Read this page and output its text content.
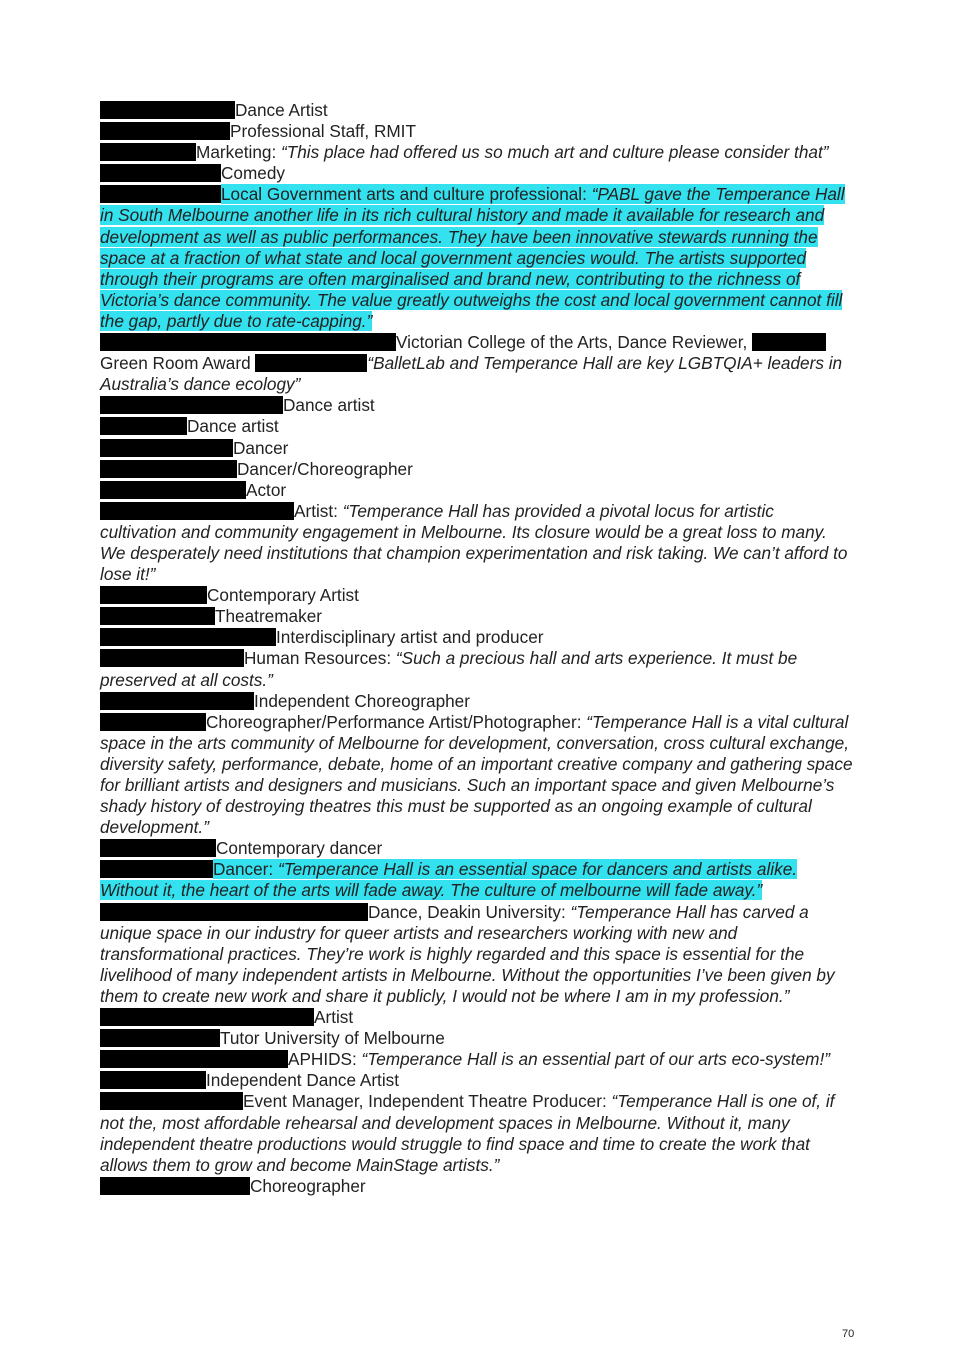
Dance Artist
Professional Staff, RMIT
Marketing: “This place had offered us so much art and culture please consider that”
Comedy
Local Government arts and culture professional: “PABL gave the Temperance Hall in South Melbourne another life in its rich cultural history and made it available for research and development as well as public performances. They have been innovative stewards running the space at a fraction of what state and local government agencies would. The artists supported through their programs are often marginalised and brand new, contributing to the richness of Victoria’s dance community. The value greatly outweighs the cost and local government cannot fill the gap, partly due to rate-capping.”
Victorian College of the Arts, Dance Reviewer,  Green Room Award	“BalletLab and Temperance Hall are key LGBTQIA+ leaders in Australia’s dance ecology”
Dance artist
Dance artist
Dancer
Dancer/Choreographer
Actor
Artist: “Temperance Hall has provided a pivotal locus for artistic cultivation and community engagement in Melbourne. Its closure would be a great loss to many. We desperately need institutions that champion experimentation and risk taking. We can’t afford to lose it!”
Contemporary Artist
Theatremaker
Interdisciplinary artist and producer
Human Resources: “Such a precious hall and arts experience. It must be preserved at all costs.”
Independent Choreographer
Choreographer/Performance Artist/Photographer: “Temperance Hall is a vital cultural space in the arts community of Melbourne for development, conversation, cross cultural exchange, diversity safety, performance, debate, home of an important creative company and gathering space for brilliant artists and designers and musicians. Such an important space and given Melbourne’s shady history of destroying theatres this must be supported as an ongoing example of cultural development.”
Contemporary dancer
Dancer: “Temperance Hall is an essential space for dancers and artists alike. Without it, the heart of the arts will fade away. The culture of melbourne will fade away.”
Dance, Deakin University: “Temperance Hall has carved a unique space in our industry for queer artists and researchers working with new and transformational practices. They’re work is highly regarded and this space is essential for the livelihood of many independent artists in Melbourne. Without the opportunities I’ve been given by them to create new work and share it publicly, I would not be where I am in my profession.”
Artist
Tutor University of Melbourne
APHIDS: “Temperance Hall is an essential part of our arts eco-system!”
Independent Dance Artist
Event Manager, Independent Theatre Producer: “Temperance Hall is one of, if not the, most affordable rehearsal and development spaces in Melbourne. Without it, many independent theatre productions would struggle to find space and time to create the work that allows them to grow and become MainStage artists.”
Choreographer
70
